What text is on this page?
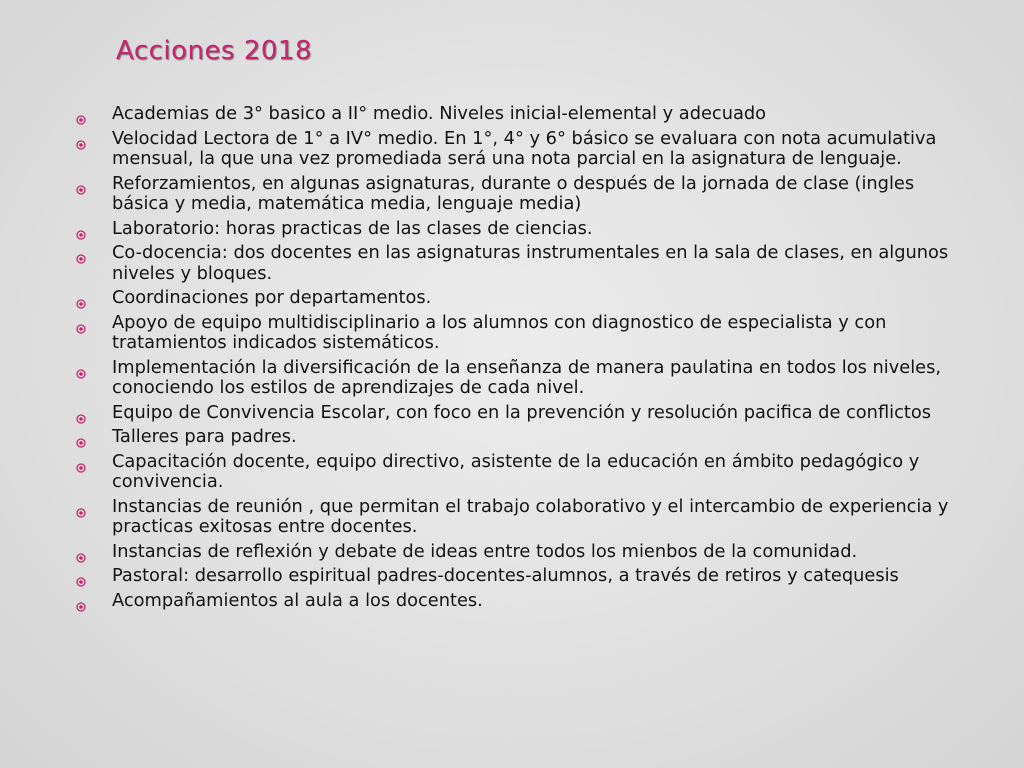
Acciones 2018
Academias de 3° basico a II° medio. Niveles inicial-elemental y adecuado
Velocidad Lectora de 1° a IV° medio. En 1°, 4° y 6° básico se evaluara con nota acumulativa mensual, la que una vez promediada será una nota parcial en la asignatura de lenguaje.
Reforzamientos, en algunas asignaturas, durante o después de la jornada de clase (ingles básica y media, matemática media, lenguaje media)
Laboratorio: horas practicas de las clases de ciencias.
Co-docencia: dos docentes en las asignaturas instrumentales en la sala de clases, en algunos niveles y bloques.
Coordinaciones por departamentos.
Apoyo de equipo multidisciplinario a los alumnos con diagnostico de especialista y con tratamientos indicados sistemáticos.
Implementación la diversificación de la enseñanza de manera paulatina en todos los niveles, conociendo los estilos de aprendizajes de cada nivel.
Equipo de Convivencia Escolar, con foco en la prevención y resolución pacifica de conflictos
Talleres para padres.
Capacitación docente, equipo directivo, asistente de la educación en ámbito pedagógico y convivencia.
Instancias de reunión , que permitan el trabajo colaborativo y el intercambio de experiencia y practicas exitosas entre docentes.
Instancias de reflexión y debate de ideas entre todos los mienbos de la comunidad.
Pastoral: desarrollo espiritual padres-docentes-alumnos, a través de retiros y catequesis
Acompañamientos al aula a los docentes.
